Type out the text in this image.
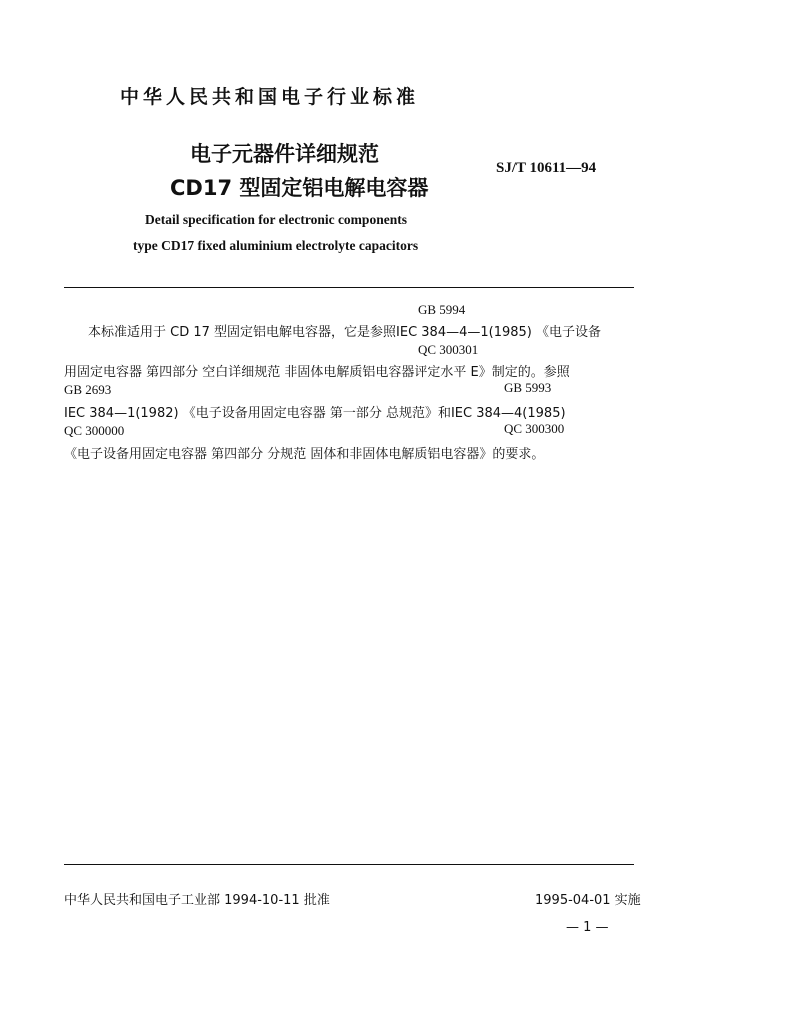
中华人民共和国电子行业标准
电子元器件详细规范
CD17 型固定铝电解电容器
SJ/T 10611—94
Detail specification for electronic components
type CD17 fixed aluminium electrolyte capacitors
GB 5994
本标准适用于 CD 17 型固定铝电解电容器，它是参照IEC 384—4—1(1985) 《电子设备
QC 300301
用固定电容器 第四部分 空白详细规范 非固体电解质铝电容器评定水平 E》制定的。参照
GB 2693	GB 5993
IEC 384—1(1982) 《电子设备用固定电容器 第一部分 总规范》和IEC 384—4(1985)
QC 300000	QC 300300
《电子设备用固定电容器 第四部分 分规范 固体和非固体电解质铝电容器》的要求。
中华人民共和国电子工业部 1994-10-11 批准	1995-04-01 实施
— 1 —
